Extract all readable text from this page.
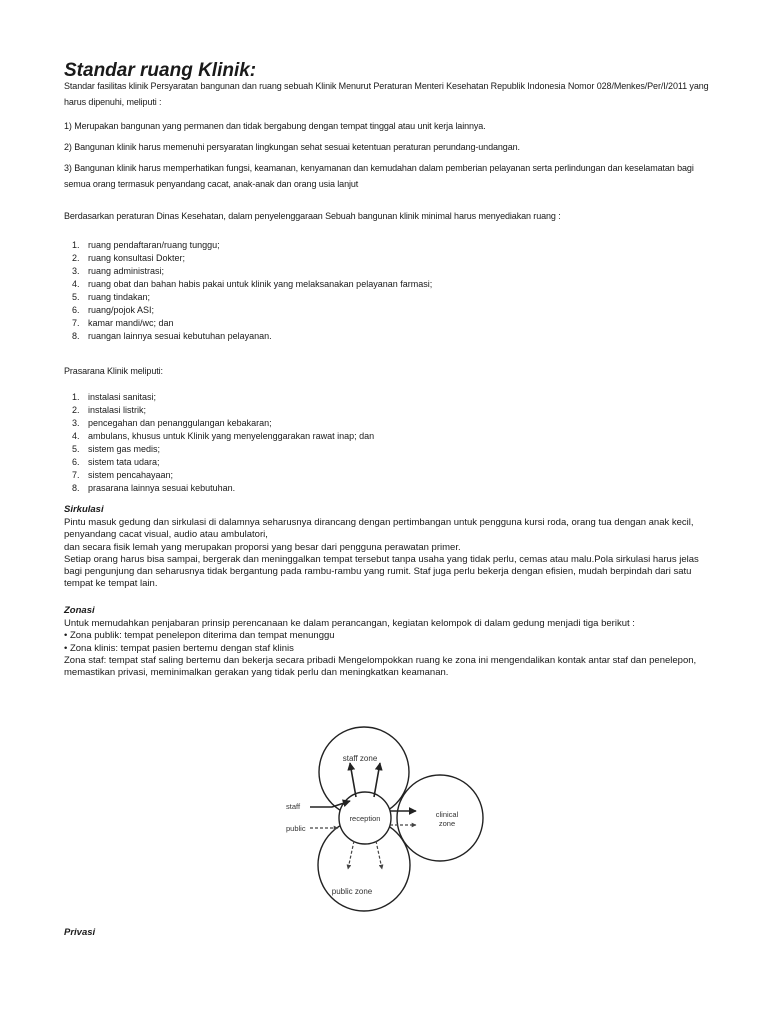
Standar ruang Klinik:

Standar fasilitas klinik Persyaratan bangunan dan ruang sebuah Klinik Menurut Peraturan Menteri Kesehatan Republik Indonesia Nomor 028/Menkes/Per/I/2011 yang harus dipenuhi, meliputi :

1) Merupakan bangunan yang permanen dan tidak bergabung dengan tempat tinggal atau unit kerja lainnya.

2) Bangunan klinik harus memenuhi persyaratan lingkungan sehat sesuai ketentuan peraturan perundang-undangan.

3) Bangunan klinik harus memperhatikan fungsi, keamanan, kenyamanan dan kemudahan dalam pemberian pelayanan serta perlindungan dan keselamatan bagi semua orang termasuk penyandang cacat, anak-anak dan orang usia lanjut

Berdasarkan peraturan Dinas Kesehatan, dalam penyelenggaraan Sebuah bangunan klinik minimal harus menyediakan ruang :

1. ruang pendaftaran/ruang tunggu;
2. ruang konsultasi Dokter;
3. ruang administrasi;
4. ruang obat dan bahan habis pakai untuk klinik yang melaksanakan pelayanan farmasi;
5. ruang tindakan;
6. ruang/pojok ASI;
7. kamar mandi/wc; dan
8. ruangan lainnya sesuai kebutuhan pelayanan.

Prasarana Klinik meliputi:

1. instalasi sanitasi;
2. instalasi listrik;
3. pencegahan dan penanggulangan kebakaran;
4. ambulans, khusus untuk Klinik yang menyelenggarakan rawat inap; dan
5. sistem gas medis;
6. sistem tata udara;
7. sistem pencahayaan;
8. prasarana lainnya sesuai kebutuhan.

Sirkulasi

Pintu masuk gedung dan sirkulasi di dalamnya seharusnya dirancang dengan pertimbangan untuk pengguna kursi roda, orang tua dengan anak kecil, penyandang cacat visual, audio atau ambulatori,

dan secara fisik lemah yang merupakan proporsi yang besar dari pengguna perawatan primer.

Setiap orang harus bisa sampai, bergerak dan meninggalkan tempat tersebut tanpa usaha yang tidak perlu, cemas atau malu.Pola sirkulasi harus jelas bagi pengunjung dan seharusnya tidak bergantung pada rambu-rambu yang rumit. Staf juga perlu bekerja dengan efisien, mudah berpindah dari satu tempat ke tempat lain.

Zonasi

Untuk memudahkan penjabaran prinsip perencanaan ke dalam perancangan, kegiatan kelompok di dalam gedung menjadi tiga berikut :

• Zona publik: tempat penelepon diterima dan tempat menunggu

• Zona klinis: tempat pasien bertemu dengan staf klinis

Zona staf: tempat staf saling bertemu dan bekerja secara pribadi Mengelompokkan ruang ke zona ini mengendalikan kontak antar staf dan penelepon, memastikan privasi, meminimalkan gerakan yang tidak perlu dan meningkatkan keamanan.

staff zone
clinical
zone
reception
public zone
staff
public

Privasi
